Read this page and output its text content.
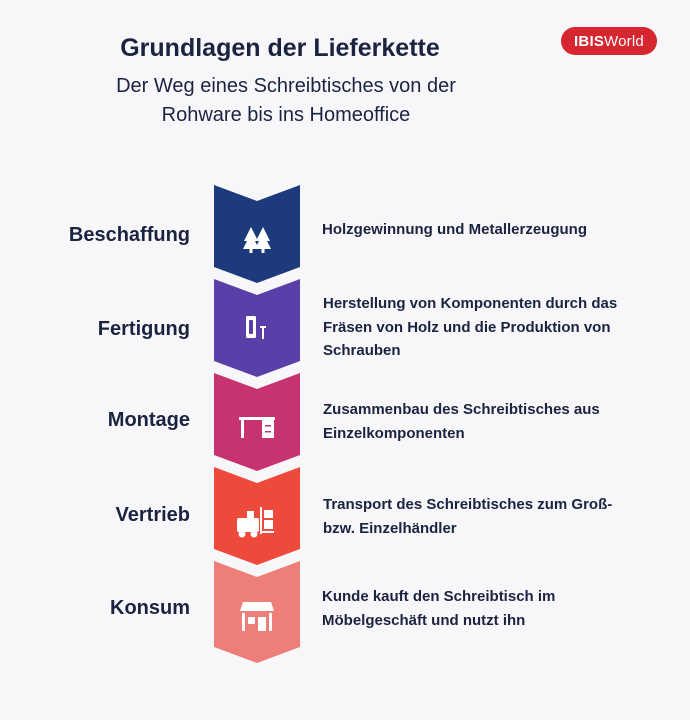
Grundlagen der Lieferkette
Der Weg eines Schreibtisches von der
Rohware bis ins Homeoffice
IBIS World
Beschaffung
Fertigung
Montage
Vertrieb
Konsum
Holzgewinnung und Metallerzeugung
Herstellung von Komponenten durch das
Fräsen von Holz und die Produktion von
Schrauben
Zusammenbau des Schreibtisches aus
Einzelkomponenten
Transport des Schreibtisches zum Groß-
bzw. Einzelhändler
Kunde kauft den Schreibtisch im
Möbelgeschäft und nutzt ihn
